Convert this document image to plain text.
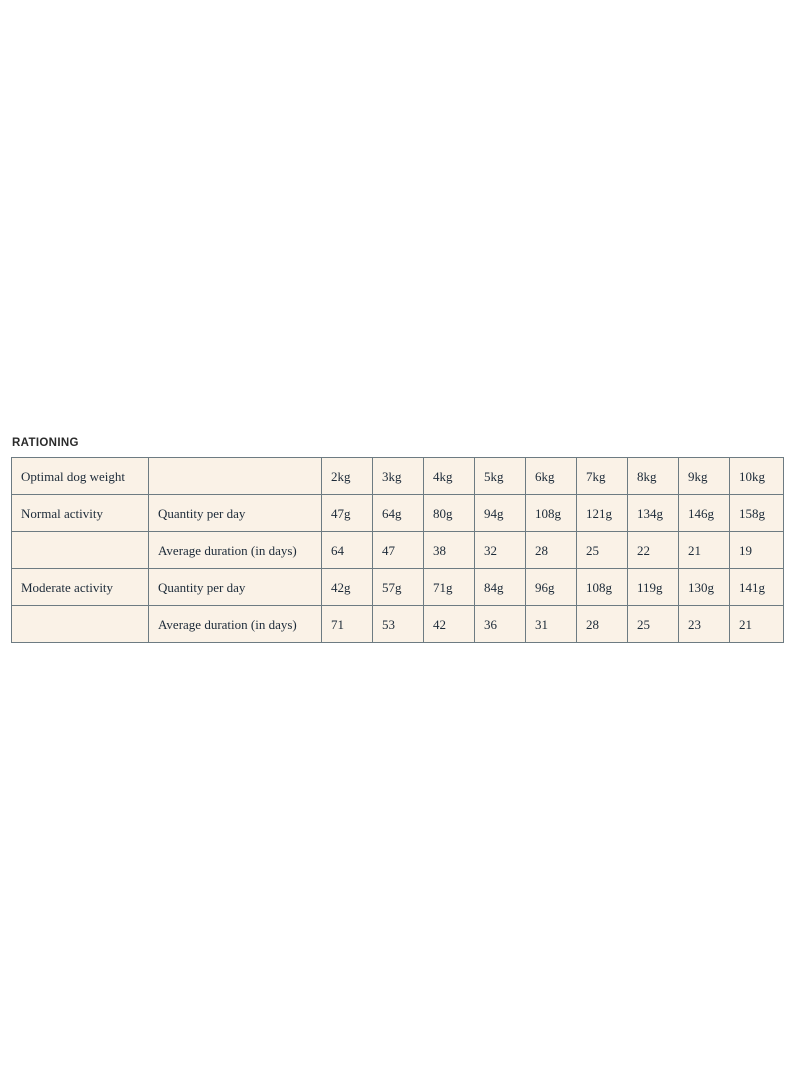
RATIONING
Optimal dog weight		2kg	3kg	4kg	5kg	6kg	7kg	8kg	9kg	10kg
Normal activity	Quantity per day	47g	64g	80g	94g	108g	121g	134g	146g	158g
	Average duration (in days)	64	47	38	32	28	25	22	21	19
Moderate activity	Quantity per day	42g	57g	71g	84g	96g	108g	119g	130g	141g
	Average duration (in days)	71	53	42	36	31	28	25	23	21
